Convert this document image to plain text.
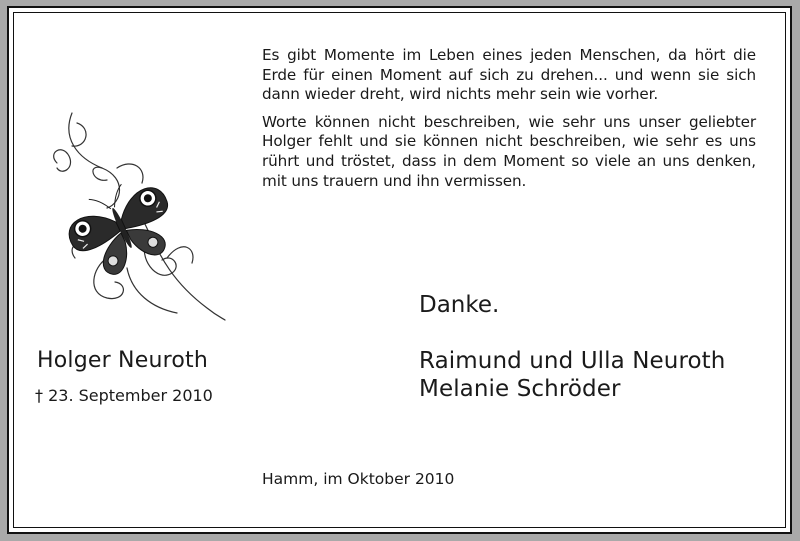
Es gibt Momente im Leben eines jeden Menschen, da hört die Erde für einen Moment auf sich zu drehen... und wenn sie sich dann wieder dreht, wird nichts mehr sein wie vorher.

Worte können nicht beschreiben, wie sehr uns unser geliebter Holger fehlt und sie können nicht beschreiben, wie sehr es uns rührt und tröstet, dass in dem Moment so viele an uns denken, mit uns trauern und ihn vermissen.

Holger Neuroth
† 23. September 2010
Danke.
Raimund und Ulla Neuroth
Melanie Schröder
Hamm, im Oktober 2010
